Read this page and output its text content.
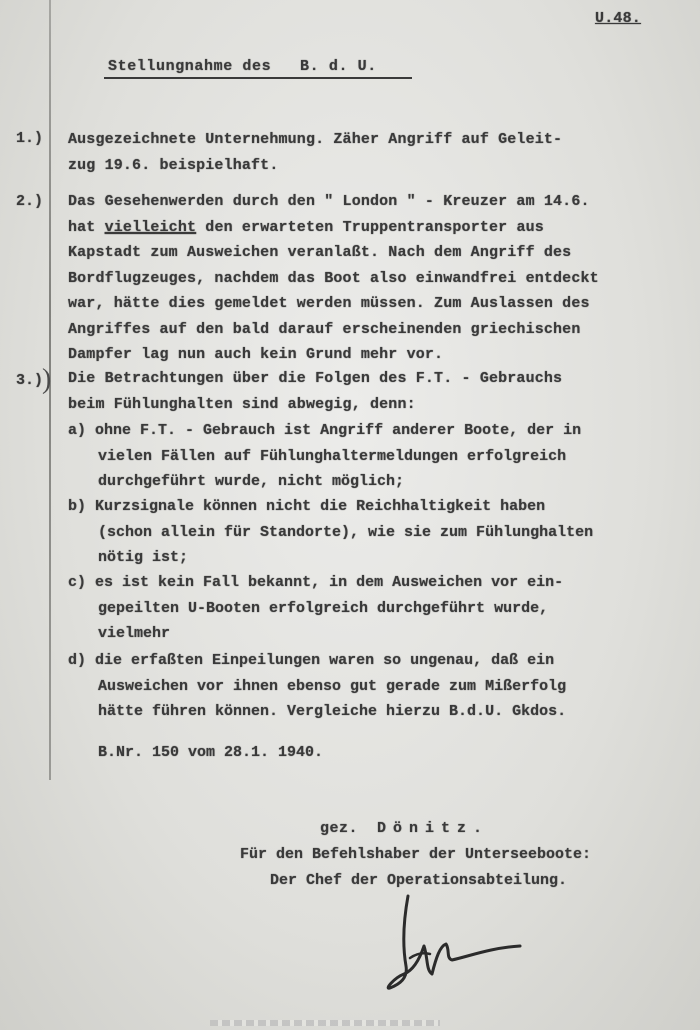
U.48.
Stellungnahme des B. d. U.
1.) Ausgezeichnete Unternehmung. Zäher Angriff auf Geleit-
zug 19.6. beispielhaft.
2.) Das Gesehenwerden durch den " London " - Kreuzer am 14.6.
hat vielleicht den erwarteten Truppentransporter aus
Kapstadt zum Ausweichen veranlaßt. Nach dem Angriff des
Bordflugzeuges, nachdem das Boot also einwandfrei entdeckt
war, hätte dies gemeldet werden müssen. Zum Auslassen des
Angriffes auf den bald darauf erscheinenden griechischen
Dampfer lag nun auch kein Grund mehr vor.
3.)
) Die Betrachtungen über die Folgen des F.T. - Gebrauchs
beim Fühlunghalten sind abwegig, denn:
a) ohne F.T. - Gebrauch ist Angriff anderer Boote, der in
vielen Fällen auf Fühlunghaltermeldungen erfolgreich
durchgeführt wurde, nicht möglich;
b) Kurzsignale können nicht die Reichhaltigkeit haben
(schon allein für Standorte), wie sie zum Fühlunghalten
nötig ist;
c) es ist kein Fall bekannt, in dem Ausweichen vor ein-
gepeilten U-Booten erfolgreich durchgeführt wurde,
vielmehr
d) die erfaßten Einpeilungen waren so ungenau, daß ein
Ausweichen vor ihnen ebenso gut gerade zum Mißerfolg
hätte führen können. Vergleiche hierzu B.d.U. Gkdos.
B.Nr. 150 vom 28.1. 1940.
gez. Dönitz.
Für den Befehlshaber der Unterseeboote:
Der Chef der Operationsabteilung.
